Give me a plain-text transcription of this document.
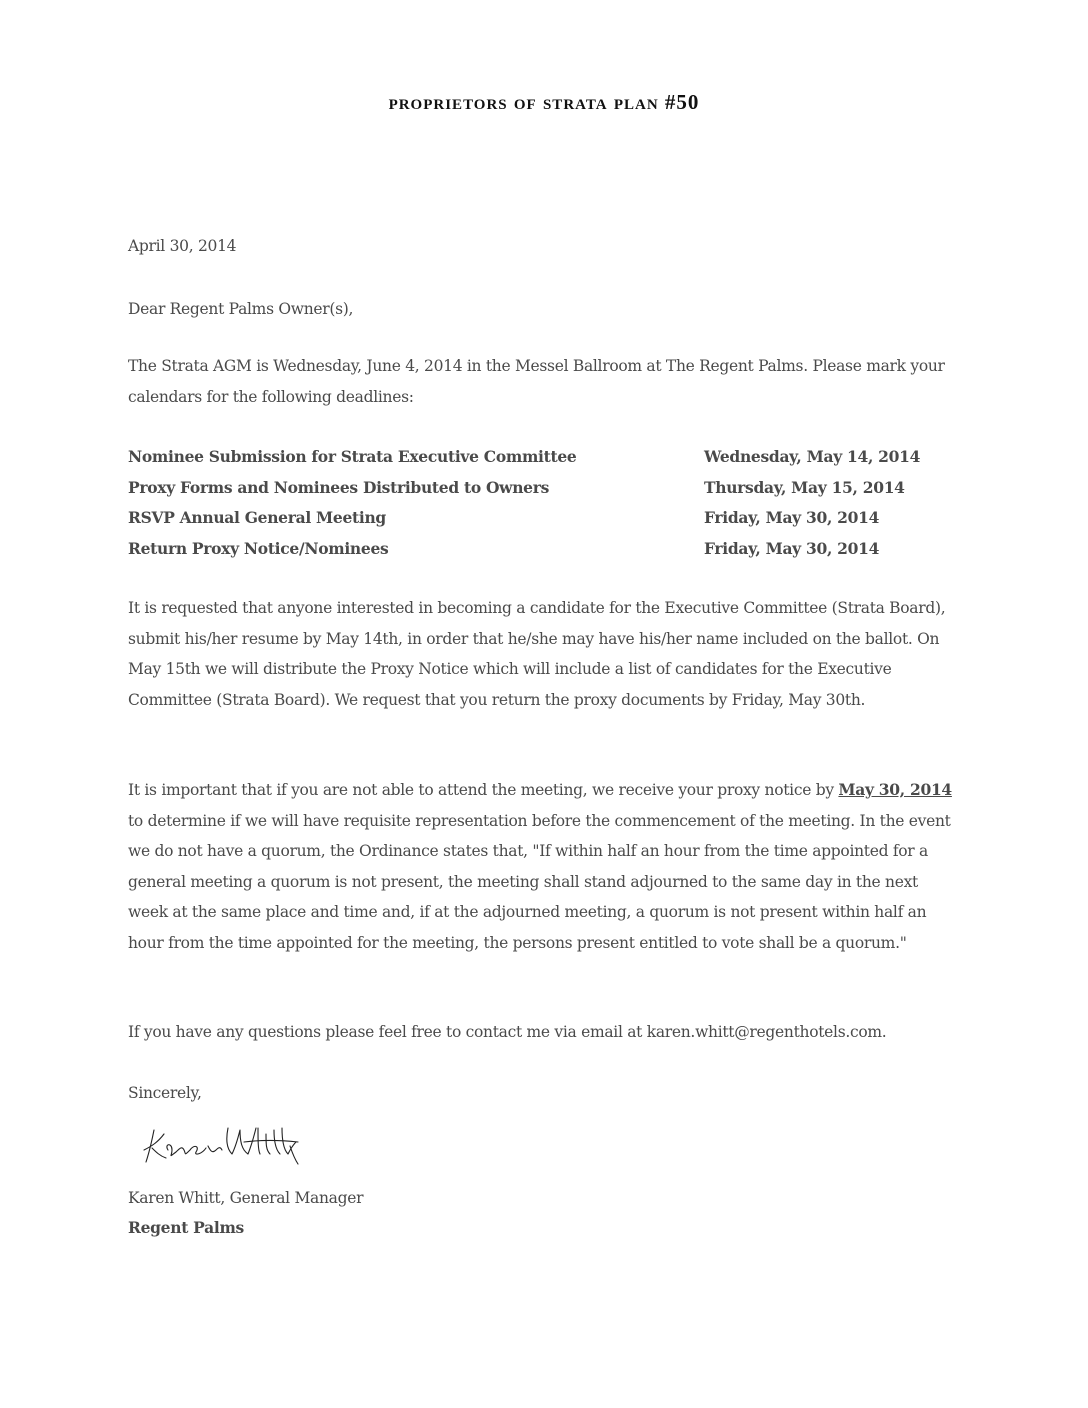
proprietors of strata plan #50
April 30, 2014
Dear Regent Palms Owner(s),
The Strata AGM is Wednesday, June 4, 2014 in the Messel Ballroom at The Regent Palms. Please mark your calendars for the following deadlines:
Nominee Submission for Strata Executive Committee	Wednesday, May 14, 2014
Proxy Forms and Nominees Distributed to Owners	Thursday, May 15, 2014
RSVP Annual General Meeting	Friday, May 30, 2014
Return Proxy Notice/Nominees	Friday, May 30, 2014
It is requested that anyone interested in becoming a candidate for the Executive Committee (Strata Board), submit his/her resume by May 14th, in order that he/she may have his/her name included on the ballot. On May 15th we will distribute the Proxy Notice which will include a list of candidates for the Executive Committee (Strata Board). We request that you return the proxy documents by Friday, May 30th.
It is important that if you are not able to attend the meeting, we receive your proxy notice by May 30, 2014 to determine if we will have requisite representation before the commencement of the meeting. In the event we do not have a quorum, the Ordinance states that, "If within half an hour from the time appointed for a general meeting a quorum is not present, the meeting shall stand adjourned to the same day in the next week at the same place and time and, if at the adjourned meeting, a quorum is not present within half an hour from the time appointed for the meeting, the persons present entitled to vote shall be a quorum."
If you have any questions please feel free to contact me via email at karen.whitt@regenthotels.com.
Sincerely,
Karen Whitt, General Manager
Regent Palms
